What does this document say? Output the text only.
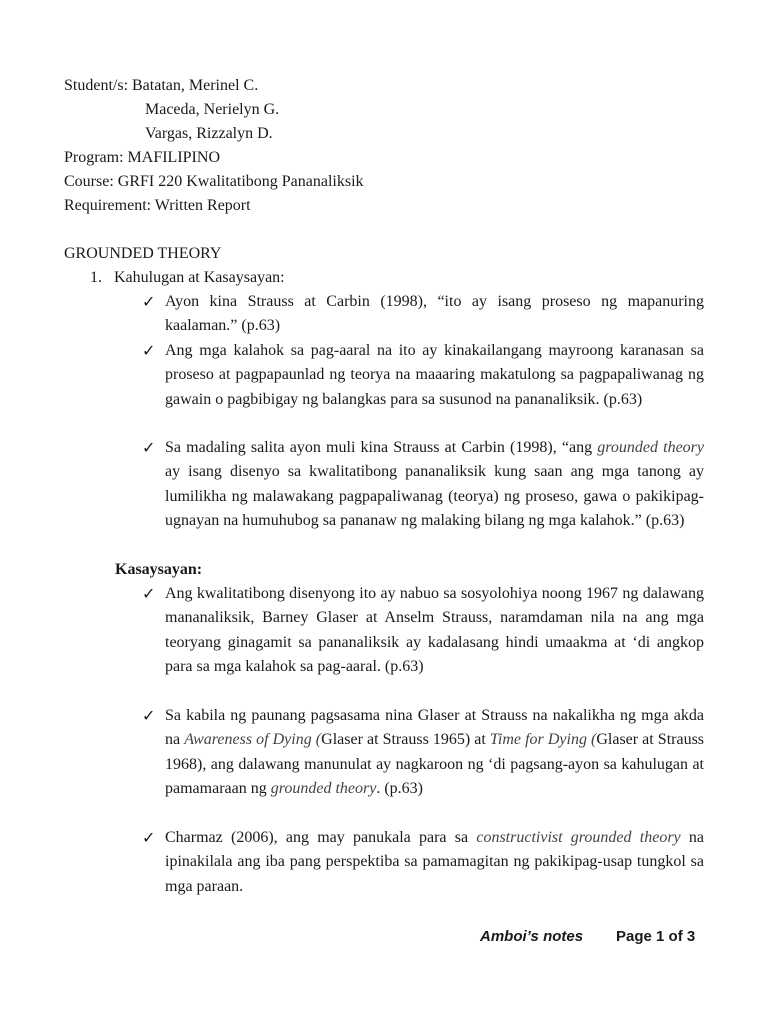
Student/s: Batatan, Merinel C.
Maceda, Nerielyn G.
Vargas, Rizzalyn D.
Program: MAFILIPINO
Course: GRFI 220 Kwalitatibong Pananaliksik
Requirement: Written Report
GROUNDED THEORY
1. Kahulugan at Kasaysayan:
✓ Ayon kina Strauss at Carbin (1998), “ito ay isang proseso ng mapanuring kaalaman.” (p.63)
✓ Ang mga kalahok sa pag-aaral na ito ay kinakailangang mayroong karanasan sa proseso at pagpapaunlad ng teorya na maaaring makatulong sa pagpapaliwanag ng gawain o pagbibigay ng balangkas para sa susunod na pananaliksik. (p.63)
✓ Sa madaling salita ayon muli kina Strauss at Carbin (1998), “ang grounded theory ay isang disenyo sa kwalitatibong pananaliksik kung saan ang mga tanong ay lumilikha ng malawakang pagpapaliwanag (teorya) ng proseso, gawa o pakikipag-ugnayan na humuhubog sa pananaw ng malaking bilang ng mga kalahok.” (p.63)
Kasaysayan:
✓ Ang kwalitatibong disenyong ito ay nabuo sa sosyolohiya noong 1967 ng dalawang mananaliksik, Barney Glaser at Anselm Strauss, naramdaman nila na ang mga teoryang ginagamit sa pananaliksik ay kadalasang hindi umaakma at ‘di angkop para sa mga kalahok sa pag-aaral. (p.63)
✓ Sa kabila ng paunang pagsasama nina Glaser at Strauss na nakalikha ng mga akda na Awareness of Dying (Glaser at Strauss 1965) at Time for Dying (Glaser at Strauss 1968), ang dalawang manunulat ay nagkaroon ng ‘di pagsang-ayon sa kahulugan at pamamaraan ng grounded theory. (p.63)
✓ Charmaz (2006), ang may panukala para sa constructivist grounded theory na ipinakilala ang iba pang perspektiba sa pamamagitan ng pakikipag-usap tungkol sa mga paraan.
Amboi’s notes Page 1 of 3
